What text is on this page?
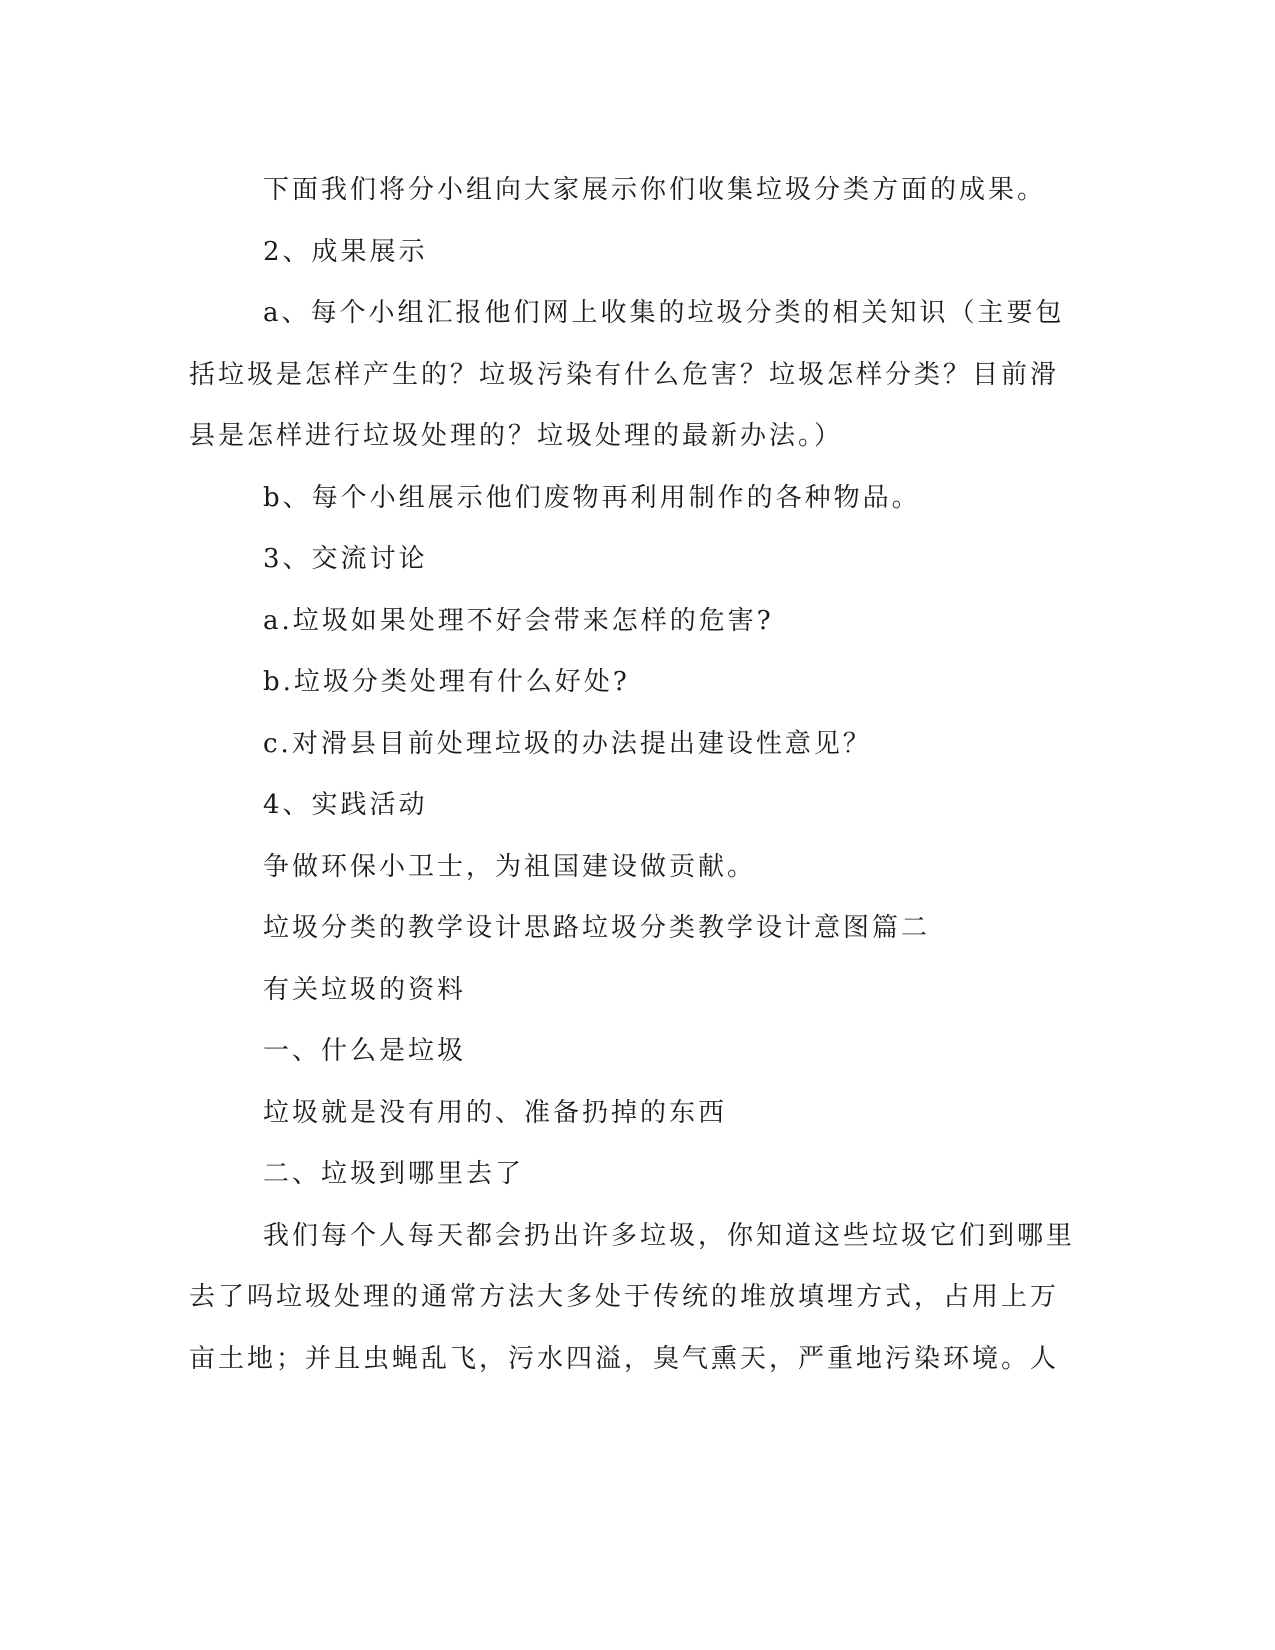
下面我们将分小组向大家展示你们收集垃圾分类方面的成果。

2、成果展示

a、每个小组汇报他们网上收集的垃圾分类的相关知识（主要包

括垃圾是怎样产生的？垃圾污染有什么危害？垃圾怎样分类？目前滑

县是怎样进行垃圾处理的？垃圾处理的最新办法。）

b、每个小组展示他们废物再利用制作的各种物品。

3、交流讨论

a.垃圾如果处理不好会带来怎样的危害?

b.垃圾分类处理有什么好处?

c.对滑县目前处理垃圾的办法提出建设性意见？

4、实践活动

争做环保小卫士，为祖国建设做贡献。

垃圾分类的教学设计思路垃圾分类教学设计意图篇二

有关垃圾的资料

一、什么是垃圾

垃圾就是没有用的、准备扔掉的东西

二、垃圾到哪里去了

我们每个人每天都会扔出许多垃圾，你知道这些垃圾它们到哪里

去了吗垃圾处理的通常方法大多处于传统的堆放填埋方式，占用上万

亩土地；并且虫蝇乱飞，污水四溢，臭气熏天，严重地污染环境。人
